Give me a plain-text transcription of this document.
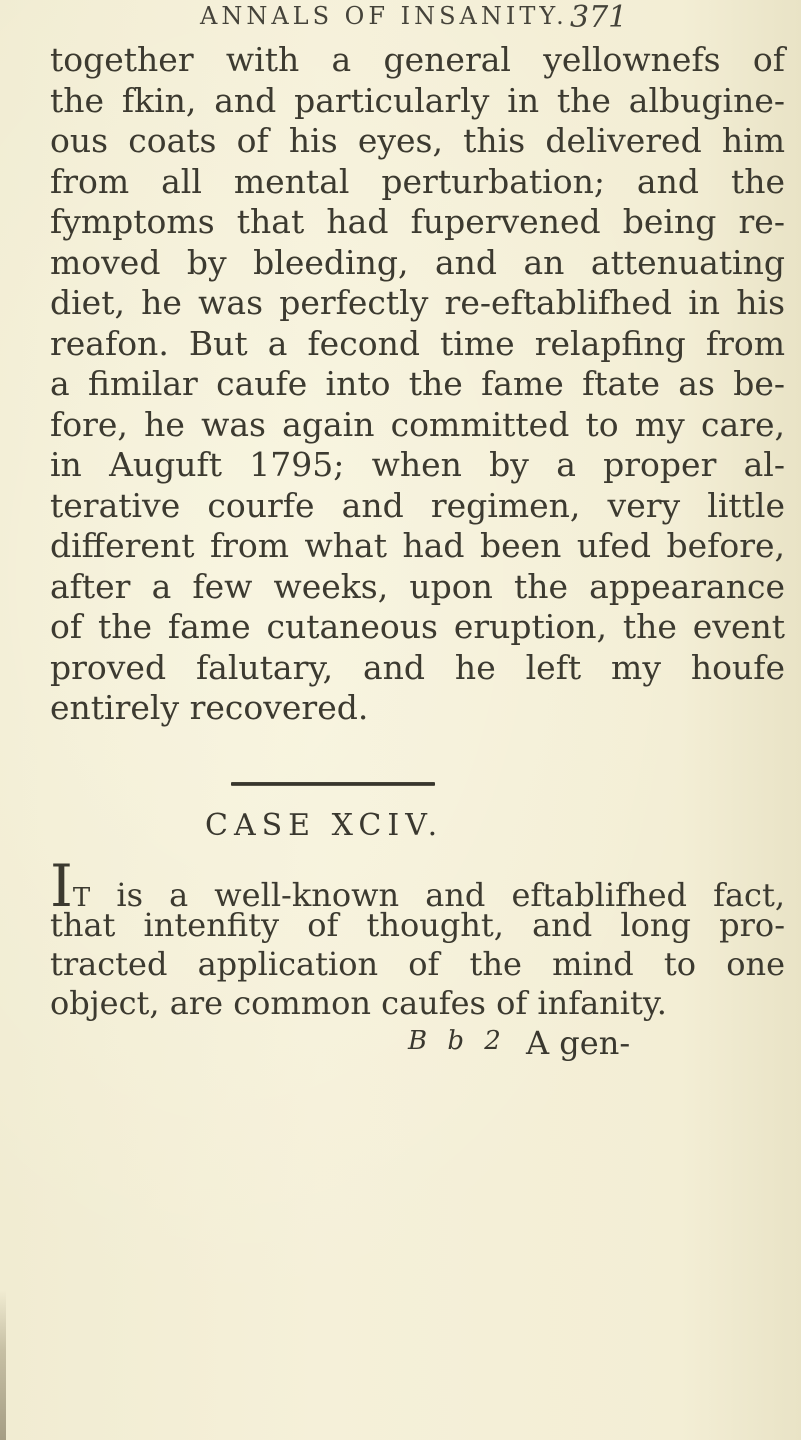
ANNALS OF INSANITY. 371
together with a general yellownefs of
the fkin, and particularly in the albugine-
ous coats of his eyes, this delivered him
from all mental perturbation; and the
fymptoms that had fupervened being re-
moved by bleeding, and an attenuating
diet, he was perfectly re-eftablifhed in his
reafon. But a fecond time relapfing from
a fimilar caufe into the fame ftate as be-
fore, he was again committed to my care,
in Auguft 1795; when by a proper al-
terative courfe and regimen, very little
different from what had been ufed before,
after a few weeks, upon the appearance
of the fame cutaneous eruption, the event
proved falutary, and he left my houfe
entirely recovered.
CASE XCIV.
IT is a well-known and eftablifhed fact,
that intenfity of thought, and long pro-
tracted application of the mind to one
object, are common caufes of infanity.
B b 2 A gen-
